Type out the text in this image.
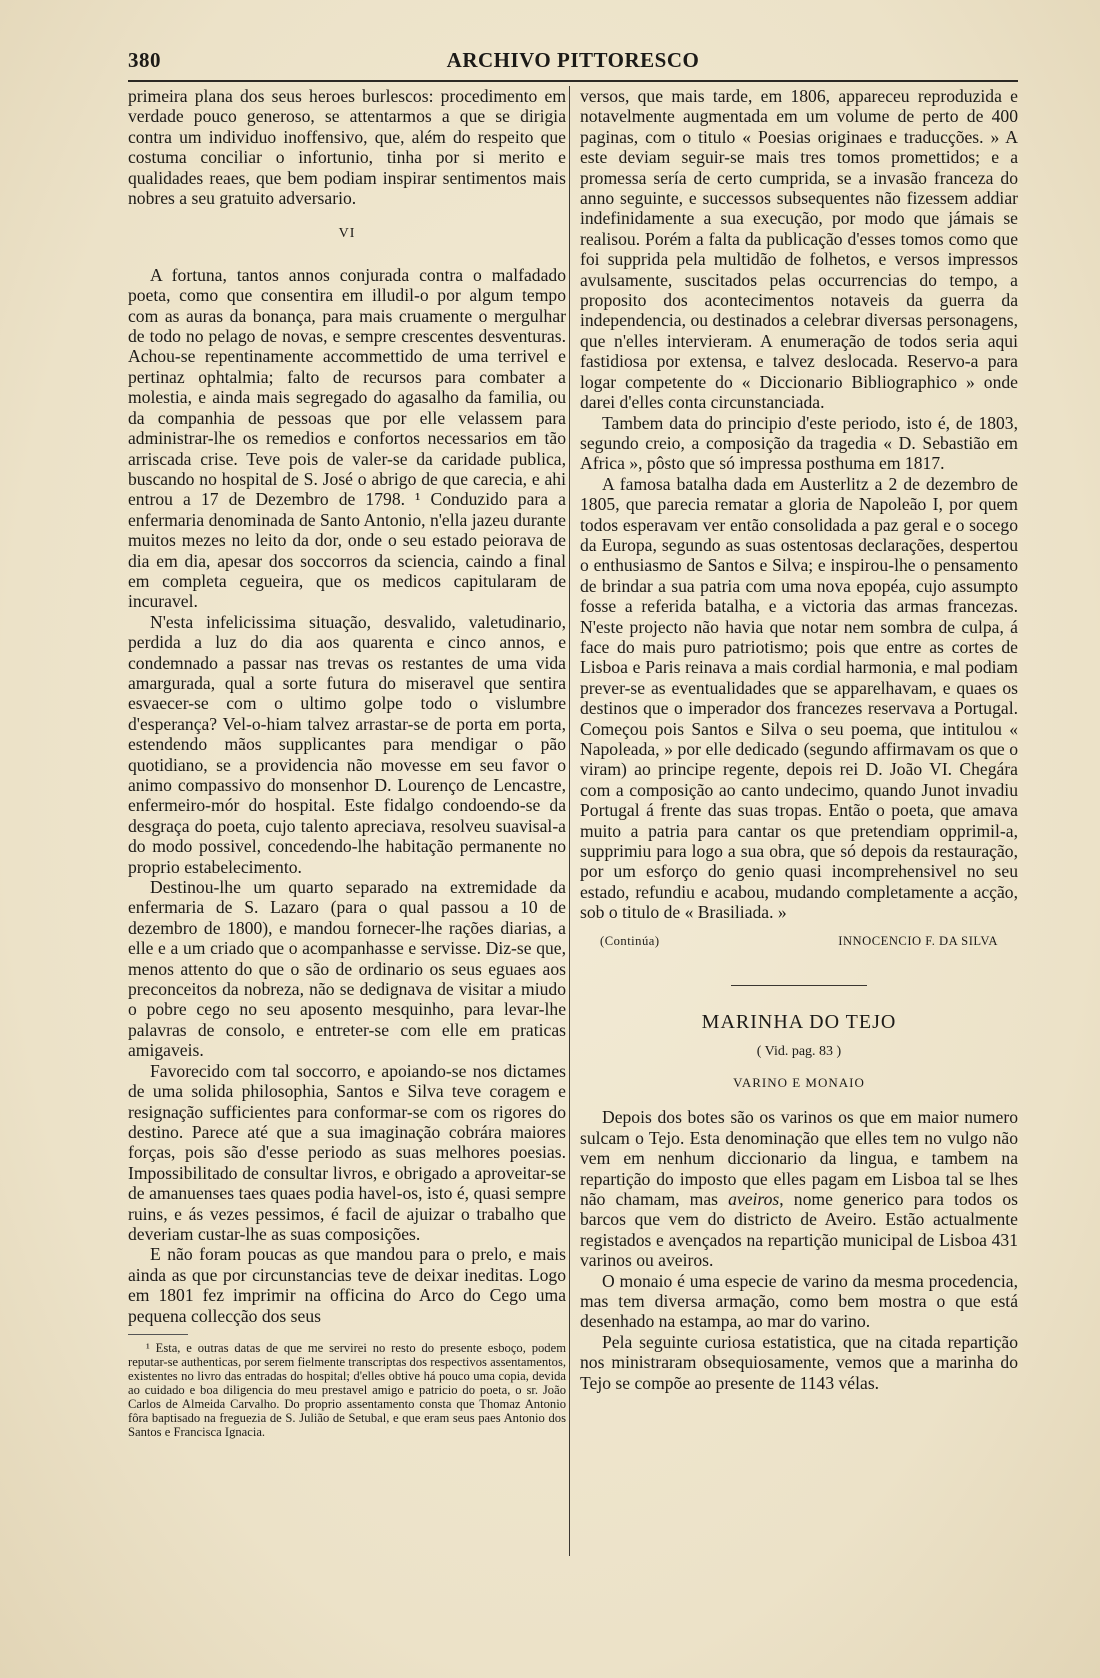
380	ARCHIVO PITTORESCO

primeira plana dos seus heroes burlescos: procedimento em verdade pouco generoso, se attentarmos a que se dirigia contra um individuo inoffensivo, que, além do respeito que costuma conciliar o infortunio, tinha por si merito e qualidades reaes, que bem podiam inspirar sentimentos mais nobres a seu gratuito adversario.

VI

A fortuna, tantos annos conjurada contra o malfadado poeta, como que consentira em illudil-o por algum tempo com as auras da bonança, para mais cruamente o mergulhar de todo no pelago de novas, e sempre crescentes desventuras. Achou-se repentinamente accommettido de uma terrivel e pertinaz ophtalmia; falto de recursos para combater a molestia, e ainda mais segregado do agasalho da familia, ou da companhia de pessoas que por elle velassem para administrar-lhe os remedios e confortos necessarios em tão arriscada crise. Teve pois de valer-se da caridade publica, buscando no hospital de S. José o abrigo de que carecia, e ahi entrou a 17 de Dezembro de 1798. ¹ Conduzido para a enfermaria denominada de Santo Antonio, n'ella jazeu durante muitos mezes no leito da dor, onde o seu estado peiorava de dia em dia, apesar dos soccorros da sciencia, caindo a final em completa cegueira, que os medicos capitularam de incuravel.

N'esta infelicissima situação, desvalido, valetudinario, perdida a luz do dia aos quarenta e cinco annos, e condemnado a passar nas trevas os restantes de uma vida amargurada, qual a sorte futura do miseravel que sentira esvaecer-se com o ultimo golpe todo o vislumbre d'esperança? Vel-o-hiam talvez arrastar-se de porta em porta, estendendo mãos supplicantes para mendigar o pão quotidiano, se a providencia não movesse em seu favor o animo compassivo do monsenhor D. Lourenço de Lencastre, enfermeiro-mór do hospital. Este fidalgo condoendo-se da desgraça do poeta, cujo talento apreciava, resolveu suavisal-a do modo possivel, concedendo-lhe habitação permanente no proprio estabelecimento.

Destinou-lhe um quarto separado na extremidade da enfermaria de S. Lazaro (para o qual passou a 10 de dezembro de 1800), e mandou fornecer-lhe rações diarias, a elle e a um criado que o acompanhasse e servisse. Diz-se que, menos attento do que o são de ordinario os seus eguaes aos preconceitos da nobreza, não se dedignava de visitar a miudo o pobre cego no seu aposento mesquinho, para levar-lhe palavras de consolo, e entreter-se com elle em praticas amigaveis.

Favorecido com tal soccorro, e apoiando-se nos dictames de uma solida philosophia, Santos e Silva teve coragem e resignação sufficientes para conformar-se com os rigores do destino. Parece até que a sua imaginação cobrára maiores forças, pois são d'esse periodo as suas melhores poesias. Impossibilitado de consultar livros, e obrigado a aproveitar-se de amanuenses taes quaes podia havel-os, isto é, quasi sempre ruins, e ás vezes pessimos, é facil de ajuizar o trabalho que deveriam custar-lhe as suas composições.

E não foram poucas as que mandou para o prelo, e mais ainda as que por circunstancias teve de deixar ineditas. Logo em 1801 fez imprimir na officina do Arco do Cego uma pequena collecção dos seus

¹ Esta, e outras datas de que me servirei no resto do presente esboço, podem reputar-se authenticas, por serem fielmente transcriptas dos respectivos assentamentos, existentes no livro das entradas do hospital; d'elles obtive há pouco uma copia, devida ao cuidado e boa diligencia do meu prestavel amigo e patricio do poeta, o sr. João Carlos de Almeida Carvalho. Do proprio assentamento consta que Thomaz Antonio fôra baptisado na freguezia de S. Julião de Setubal, e que eram seus paes Antonio dos Santos e Francisca Ignacia.

versos, que mais tarde, em 1806, appareceu reproduzida e notavelmente augmentada em um volume de perto de 400 paginas, com o titulo « Poesias originaes e traducções. » A este deviam seguir-se mais tres tomos promettidos; e a promessa sería de certo cumprida, se a invasão franceza do anno seguinte, e successos subsequentes não fizessem addiar indefinidamente a sua execução, por modo que jámais se realisou. Porém a falta da publicação d'esses tomos como que foi supprida pela multidão de folhetos, e versos impressos avulsamente, suscitados pelas occurrencias do tempo, a proposito dos acontecimentos notaveis da guerra da independencia, ou destinados a celebrar diversas personagens, que n'elles intervieram. A enumeração de todos seria aqui fastidiosa por extensa, e talvez deslocada. Reservo-a para logar competente do « Diccionario Bibliographico » onde darei d'elles conta circunstanciada.

Tambem data do principio d'este periodo, isto é, de 1803, segundo creio, a composição da tragedia « D. Sebastião em Africa », pôsto que só impressa posthuma em 1817.

A famosa batalha dada em Austerlitz a 2 de dezembro de 1805, que parecia rematar a gloria de Napoleão I, por quem todos esperavam ver então consolidada a paz geral e o socego da Europa, segundo as suas ostentosas declarações, despertou o enthusiasmo de Santos e Silva; e inspirou-lhe o pensamento de brindar a sua patria com uma nova epopéa, cujo assumpto fosse a referida batalha, e a victoria das armas francezas. N'este projecto não havia que notar nem sombra de culpa, á face do mais puro patriotismo; pois que entre as cortes de Lisboa e Paris reinava a mais cordial harmonia, e mal podiam prever-se as eventualidades que se apparelhavam, e quaes os destinos que o imperador dos francezes reservava a Portugal. Começou pois Santos e Silva o seu poema, que intitulou « Napoleada, » por elle dedicado (segundo affirmavam os que o viram) ao principe regente, depois rei D. João VI. Chegára com a composição ao canto undecimo, quando Junot invadiu Portugal á frente das suas tropas. Então o poeta, que amava muito a patria para cantar os que pretendiam opprimil-a, supprimiu para logo a sua obra, que só depois da restauração, por um esforço do genio quasi incomprehensivel no seu estado, refundiu e acabou, mudando completamente a acção, sob o titulo de « Brasiliada. »

(Continúa)	INNOCENCIO F. DA SILVA
MARINHA DO TEJO
( Vid. pag. 83 )
VARINO E MONAIO

Depois dos botes são os varinos os que em maior numero sulcam o Tejo. Esta denominação que elles tem no vulgo não vem em nenhum diccionario da lingua, e tambem na repartição do imposto que elles pagam em Lisboa tal se lhes não chamam, mas aveiros, nome generico para todos os barcos que vem do districto de Aveiro. Estão actualmente registados e avençados na repartição municipal de Lisboa 431 varinos ou aveiros.

O monaio é uma especie de varino da mesma procedencia, mas tem diversa armação, como bem mostra o que está desenhado na estampa, ao mar do varino.

Pela seguinte curiosa estatistica, que na citada repartição nos ministraram obsequiosamente, vemos que a marinha do Tejo se compõe ao presente de 1143 vélas.
